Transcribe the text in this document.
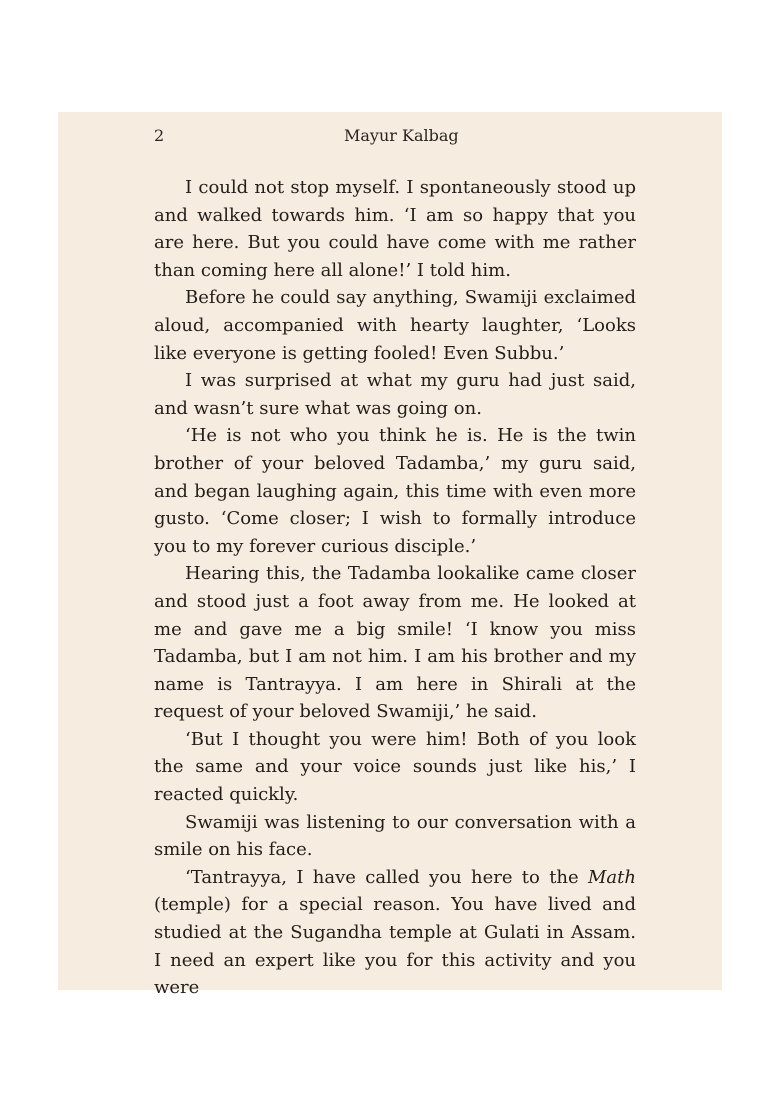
2	Mayur Kalbag

I could not stop myself. I spontaneously stood up and walked towards him. ‘I am so happy that you are here. But you could have come with me rather than coming here all alone!’ I told him.

Before he could say anything, Swamiji exclaimed aloud, accompanied with hearty laughter, ‘Looks like everyone is getting fooled! Even Subbu.’

I was surprised at what my guru had just said, and wasn’t sure what was going on.

‘He is not who you think he is. He is the twin brother of your beloved Tadamba,’ my guru said, and began laughing again, this time with even more gusto. ‘Come closer; I wish to formally introduce you to my forever curious disciple.’

Hearing this, the Tadamba lookalike came closer and stood just a foot away from me. He looked at me and gave me a big smile! ‘I know you miss Tadamba, but I am not him. I am his brother and my name is Tantrayya. I am here in Shirali at the request of your beloved Swamiji,’ he said.

‘But I thought you were him! Both of you look the same and your voice sounds just like his,’ I reacted quickly.

Swamiji was listening to our conversation with a smile on his face.

‘Tantrayya, I have called you here to the Math (temple) for a special reason. You have lived and studied at the Sugandha temple at Gulati in Assam. I need an expert like you for this activity and you were
